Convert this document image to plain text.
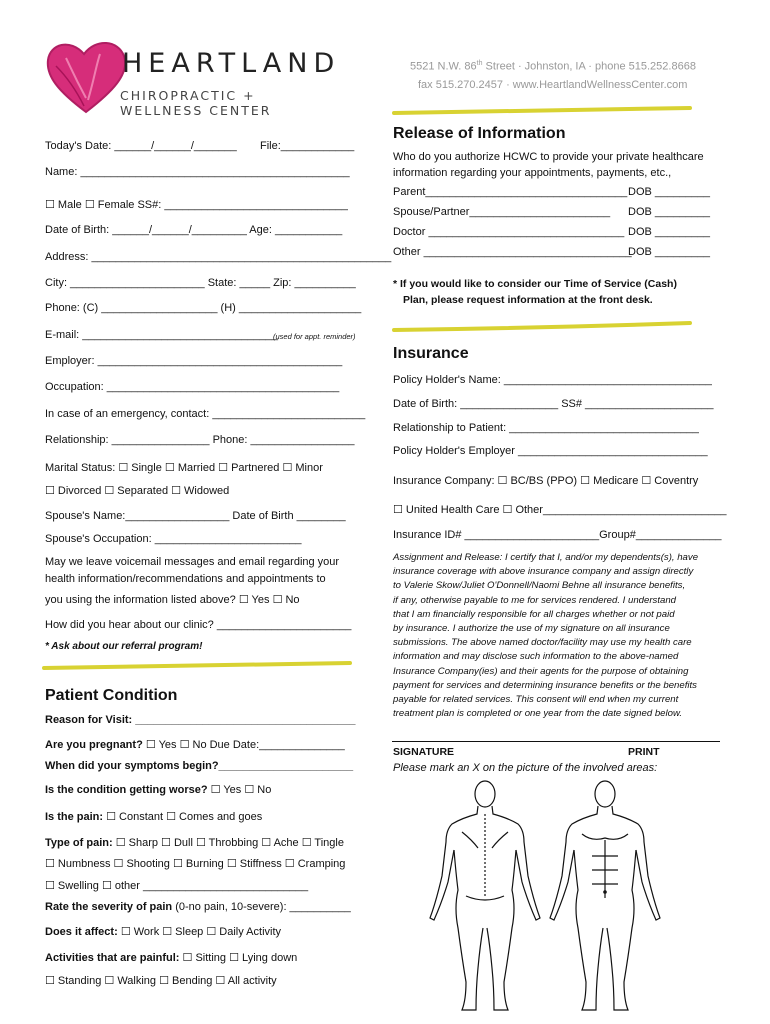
HEARTLAND
CHIROPRACTIC + WELLNESS CENTER
5521 N.W. 86th Street · Johnston, IA · phone 515.252.8668
fax 515.270.2457 · www.HeartlandWellnessCenter.com
Today's Date: ______/______/_______ File:____________
Name: ____________________________________________
☐ Male ☐ Female SS#: ______________________________
Date of Birth: ______/______/_________ Age: ___________
Address: _________________________________________________
City: ______________________ State: _____ Zip: __________
Phone: (C) ___________________ (H) ____________________
E-mail: ________________________________
(used for appt. reminder)
Employer: ________________________________________
Occupation: ______________________________________
In case of an emergency, contact: _________________________
Relationship: ________________ Phone: _________________
Marital Status: ☐ Single ☐ Married ☐ Partnered ☐ Minor
☐ Divorced ☐ Separated ☐ Widowed
Spouse's Name:_________________ Date of Birth ________
Spouse's Occupation: ________________________
May we leave voicemail messages and email regarding your
health information/recommendations and appointments to
you using the information listed above? ☐ Yes ☐ No
How did you hear about our clinic? ______________________
* Ask about our referral program!
Patient Condition
Reason for Visit: ____________________________________
Are you pregnant? ☐ Yes ☐ No Due Date:______________
When did your symptoms begin?______________________
Is the condition getting worse? ☐ Yes ☐ No
Is the pain: ☐ Constant ☐ Comes and goes
Type of pain: ☐ Sharp ☐ Dull ☐ Throbbing ☐ Ache ☐ Tingle
☐ Numbness ☐ Shooting ☐ Burning ☐ Stiffness ☐ Cramping
☐ Swelling ☐ other ___________________________
Rate the severity of pain (0-no pain, 10-severe): __________
Does it affect: ☐ Work ☐ Sleep ☐ Daily Activity
Activities that are painful: ☐ Sitting ☐ Lying down
☐ Standing ☐ Walking ☐ Bending ☐ All activity
Release of Information
Who do you authorize HCWC to provide your private healthcare
information regarding your appointments, payments, etc.,
Parent_________________________________ DOB _________
Spouse/Partner_______________________ DOB _________
Doctor ________________________________ DOB _________
Other __________________________________
DOB _________
* If you would like to consider our Time of Service (Cash)
Plan, please request information at the front desk.
Insurance
Policy Holder's Name: __________________________________
Date of Birth: ________________ SS# _____________________
Relationship to Patient: _______________________________
Policy Holder's Employer _______________________________
Insurance Company: ☐ BC/BS (PPO) ☐ Medicare ☐ Coventry
☐ United Health Care ☐ Other______________________________
Insurance ID# ______________________Group#______________
Assignment and Release: I certify that I, and/or my dependents(s), have
insurance coverage with above insurance company and assign directly
to Valerie Skow/Juliet O'Donnell/Naomi Behne all insurance benefits,
if any, otherwise payable to me for services rendered. I understand
that I am financially responsible for all charges whether or not paid
by insurance. I authorize the use of my signature on all insurance
submissions. The above named doctor/facility may use my health care
information and may disclose such information to the above-named
Insurance Company(ies) and their agents for the purpose of obtaining
payment for services and determining insurance benefits or the benefits
payable for related services. This consent will end when my current
treatment plan is completed or one year from the date signed below.
SIGNATURE	PRINT
Please mark an X on the picture of the involved areas:
